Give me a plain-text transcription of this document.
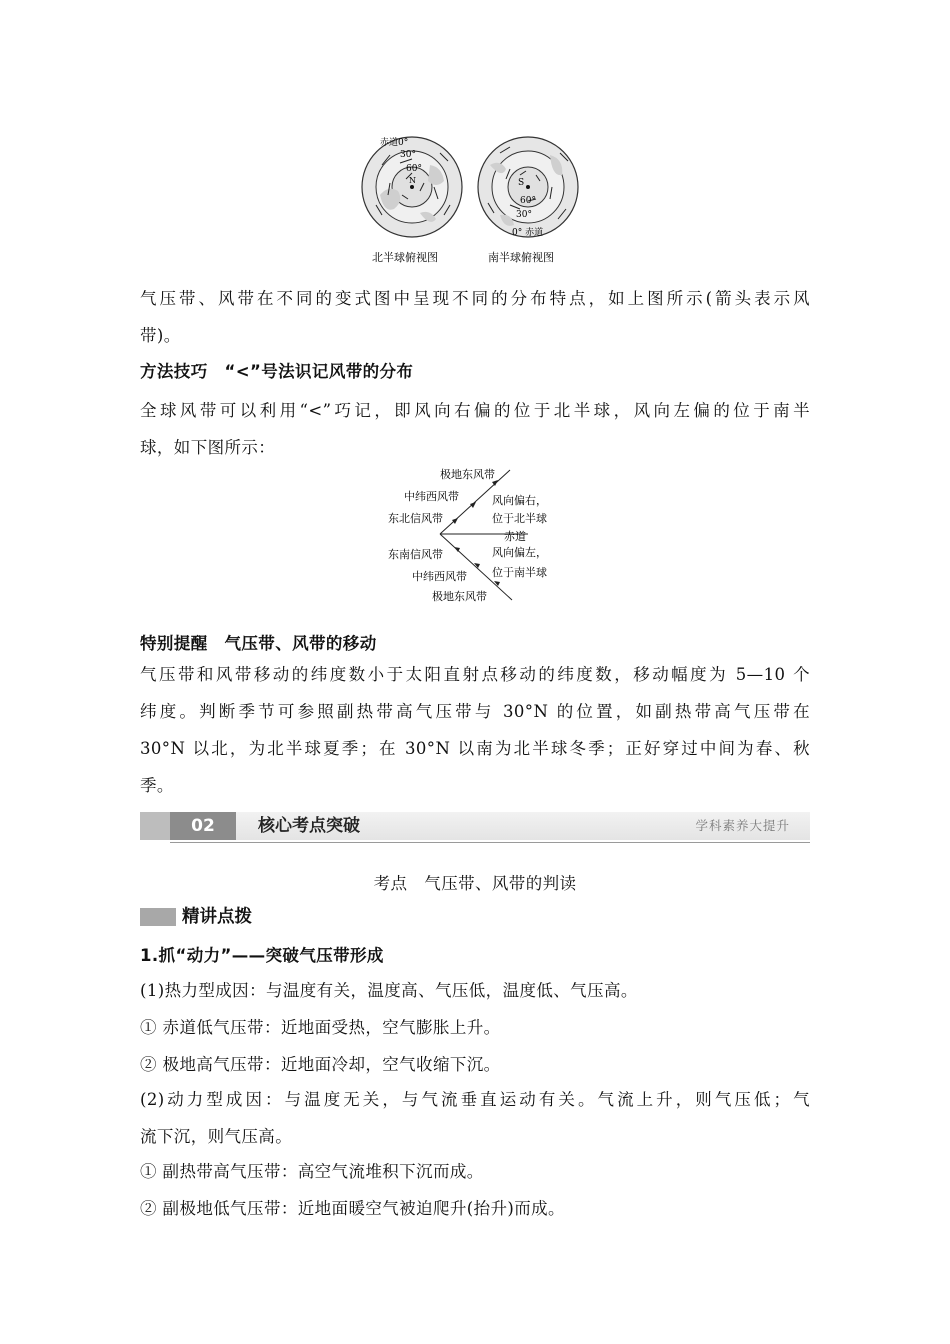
赤道0°
30°
60°
N	S
60°
30°
0° 赤道
北半球俯视图	南半球俯视图
气压带、风带在不同的变式图中呈现不同的分布特点，如上图所示(箭头表示风
带)。
方法技巧　“<”号法识记风带的分布
全球风带可以利用“<”巧记，即风向右偏的位于北半球，风向左偏的位于南半
球，如下图所示：
极地东风带
中纬西风带
东北信风带
风向偏右，
位于北半球
赤道
东南信风带
中纬西风带
极地东风带
风向偏左，
位于南半球
特别提醒　气压带、风带的移动
气压带和风带移动的纬度数小于太阳直射点移动的纬度数，移动幅度为 5—10 个
纬度。判断季节可参照副热带高气压带与 30°N 的位置，如副热带高气压带在
30°N 以北，为北半球夏季；在 30°N 以南为北半球冬季；正好穿过中间为春、秋
季。
02	核心考点突破	学科素养大提升
考点　气压带、风带的判读
精讲点拨
1.抓“动力”——突破气压带形成
(1)热力型成因：与温度有关，温度高、气压低，温度低、气压高。
① 赤道低气压带：近地面受热，空气膨胀上升。
② 极地高气压带：近地面冷却，空气收缩下沉。
(2)动力型成因：与温度无关，与气流垂直运动有关。气流上升，则气压低；气
流下沉，则气压高。
① 副热带高气压带：高空气流堆积下沉而成。
② 副极地低气压带：近地面暖空气被迫爬升(抬升)而成。
